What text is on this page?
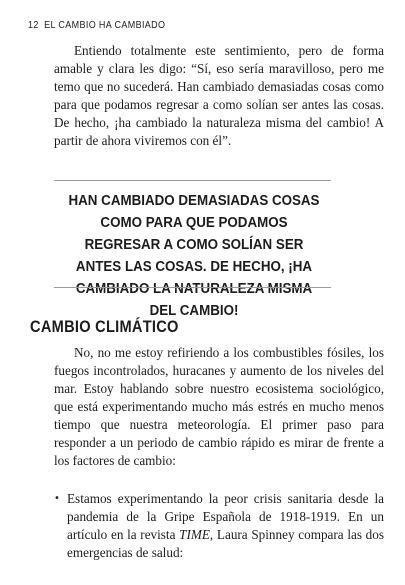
12 EL CAMBIO HA CAMBIADO

Entiendo totalmente este sentimiento, pero de forma amable y clara les digo: “Sí, eso sería maravilloso, pero me temo que no sucederá. Han cambiado demasiadas cosas como para que podamos regresar a como solían ser antes las cosas. De hecho, ¡ha cambiado la naturaleza misma del cambio! A partir de ahora viviremos con él”.

HAN CAMBIADO DEMASIADAS COSAS COMO PARA QUE PODAMOS REGRESAR A COMO SOLÍAN SER ANTES LAS COSAS. DE HECHO, ¡HA CAMBIADO LA NATURALEZA MISMA DEL CAMBIO!

CAMBIO CLIMÁTICO

No, no me estoy refiriendo a los combustibles fósiles, los fuegos incontrolados, huracanes y aumento de los niveles del mar. Estoy hablando sobre nuestro ecosistema sociológico, que está experimentando mucho más estrés en mucho menos tiempo que nuestra meteorología. El primer paso para responder a un periodo de cambio rápido es mirar de frente a los factores de cambio:

• Estamos experimentando la peor crisis sanitaria desde la pandemia de la Gripe Española de 1918-1919. En un artículo en la revista TIME, Laura Spinney compara las dos emergencias de salud:
